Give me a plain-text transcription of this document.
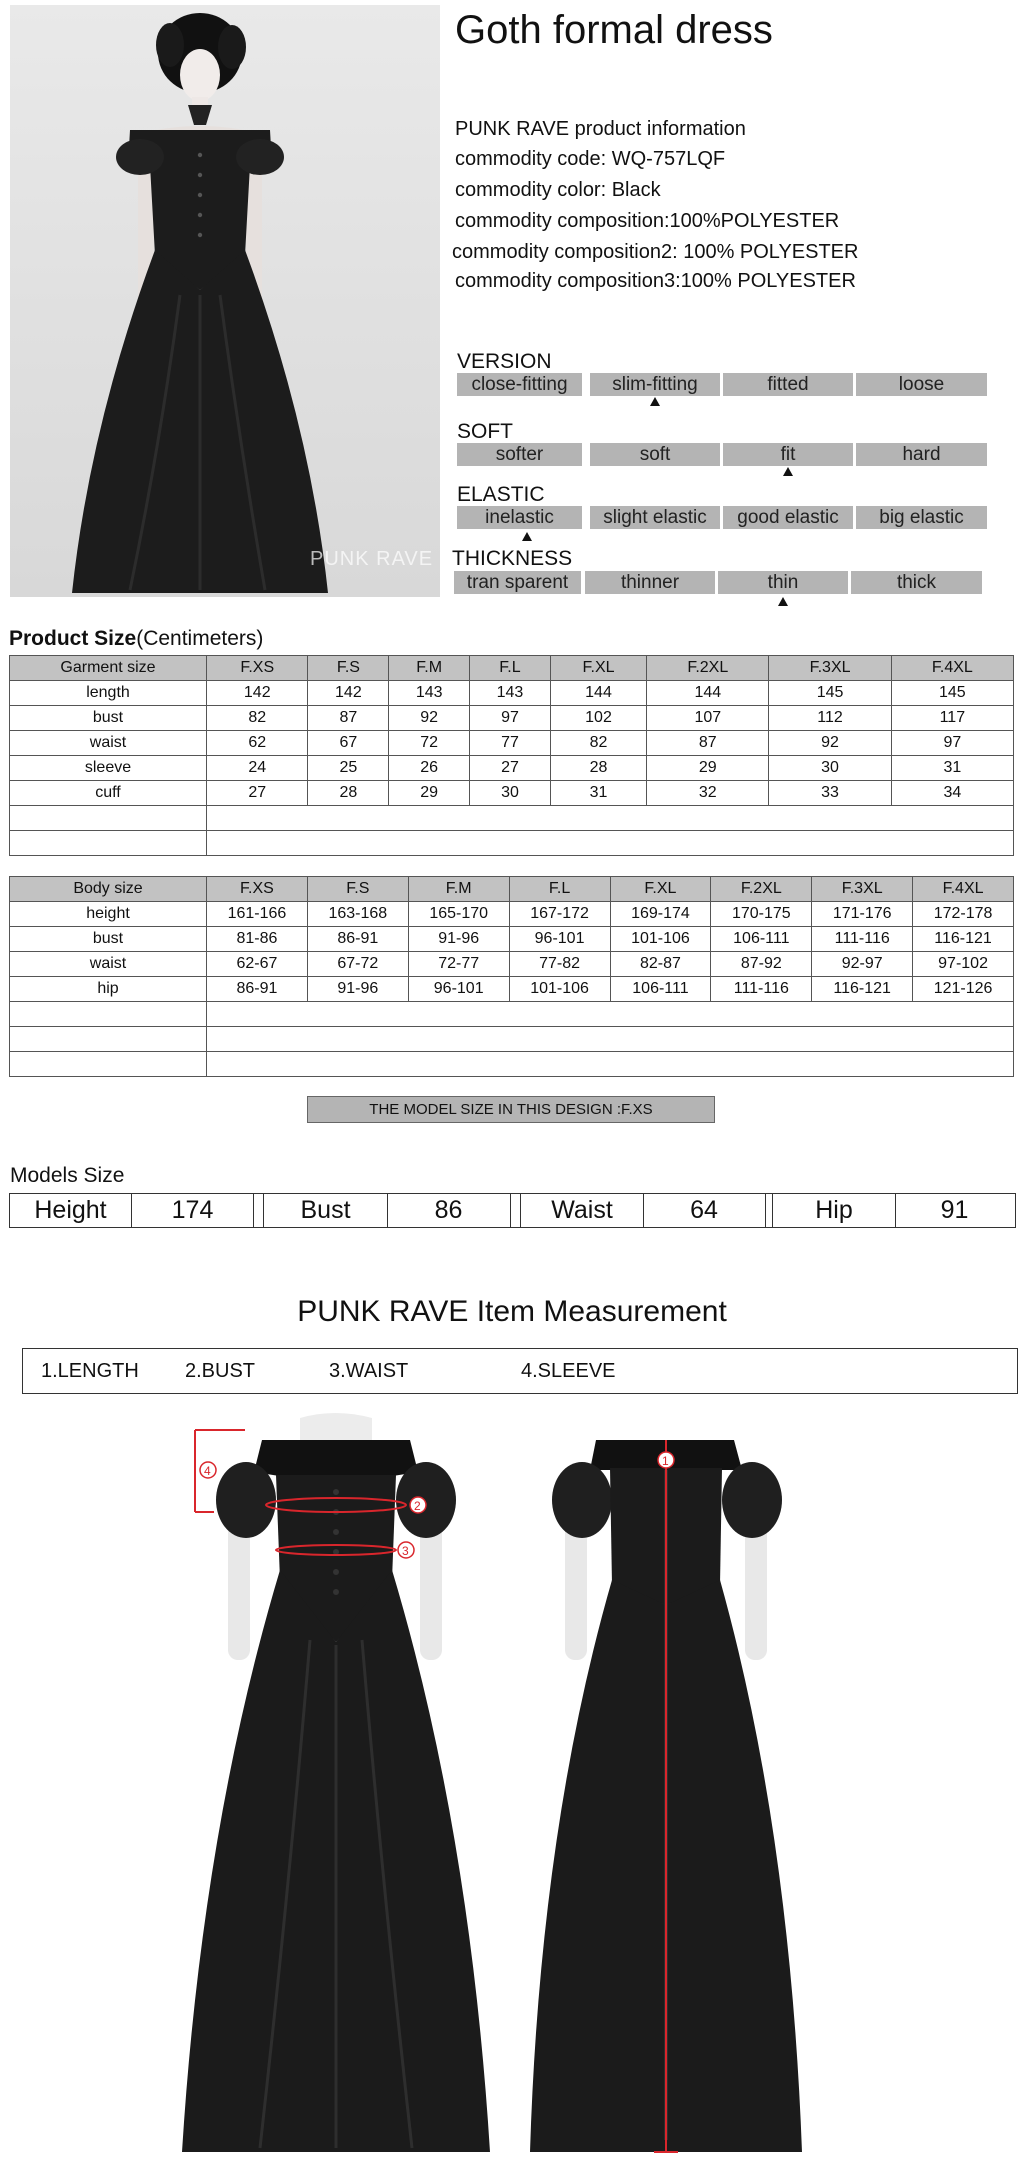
PUNK RAVE
Goth formal dress
PUNK RAVE product information
commodity code: WQ-757LQF
commodity color: Black
commodity composition:100%POLYESTER
commodity composition2: 100% POLYESTER
commodity composition3:100% POLYESTER
VERSION
close-fitting	slim-fitting	fitted	loose
SOFT
softer	soft	fit	hard
ELASTIC
inelastic	slight elastic	good elastic	big elastic
THICKNESS
tran sparent	thinner	thin	thick
Product Size(Centimeters)
Garment size	F.XS	F.S	F.M	F.L	F.XL	F.2XL	F.3XL	F.4XL
length	142	142	143	143	144	144	145	145
bust	82	87	92	97	102	107	112	117
waist	62	67	72	77	82	87	92	97
sleeve	24	25	26	27	28	29	30	31
cuff	27	28	29	30	31	32	33	34

Body size	F.XS	F.S	F.M	F.L	F.XL	F.2XL	F.3XL	F.4XL
height	161-166	163-168	165-170	167-172	169-174	170-175	171-176	172-178
bust	81-86	86-91	91-96	96-101	101-106	106-111	111-116	116-121
waist	62-67	67-72	72-77	77-82	82-87	87-92	92-97	97-102
hip	86-91	91-96	96-101	101-106	106-111	111-116	116-121	121-126

THE MODEL SIZE IN THIS DESIGN :F.XS
Models Size
Height	174	Bust	86	Waist	64	Hip	91
PUNK RAVE Item Measurement
1.LENGTH 2.BUST	3.WAIST	4.SLEEVE
4
2
3
1
